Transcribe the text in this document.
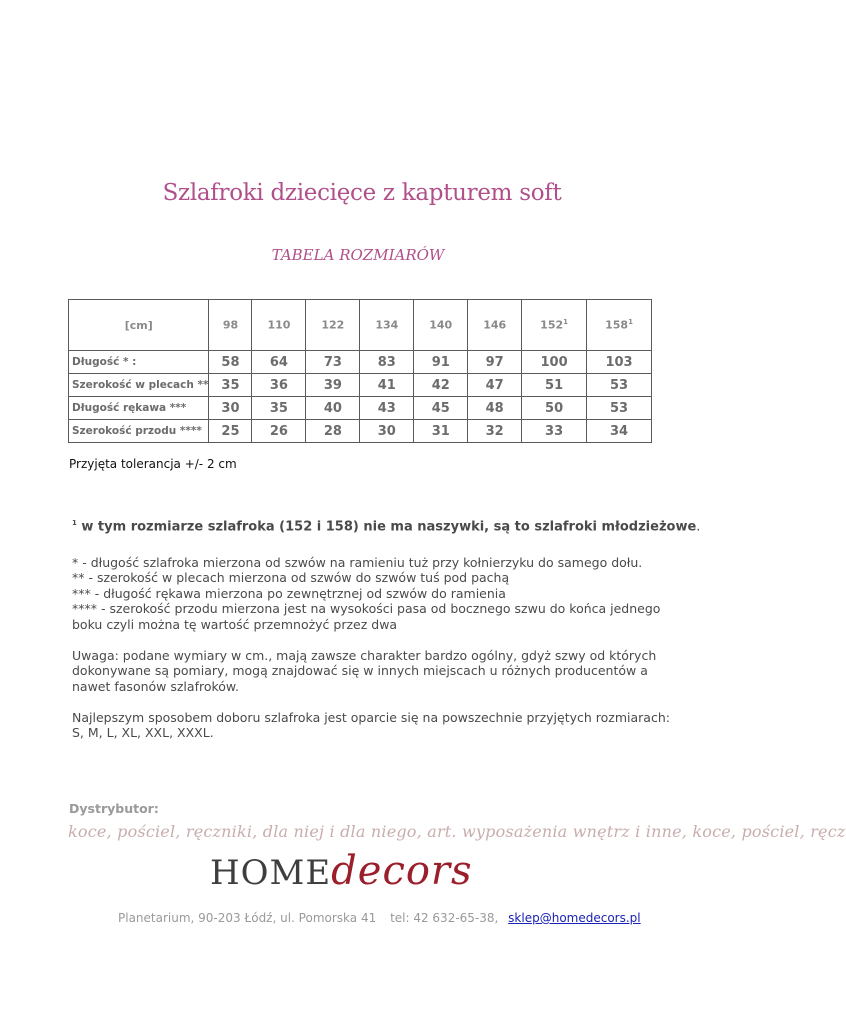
Szlafroki dziecięce z kapturem soft
TABELA ROZMIARÓW
[cm]	98	110	122	134	140	146	$152^1$	$158^1$
Długość * :	58	64	73	83	91	97	100	103
Szerokość w plecach **	35	36	39	41	42	47	51	53
Długość rękawa ***	30	35	40	43	45	48	50	53
Szerokość przodu ****	25	26	28	30	31	32	33	34
Przyjęta tolerancja +/- 2 cm
$^1$ w tym rozmiarze szlafroka (152 i 158) nie ma naszywki, są to szlafroki młodzieżowe.

* - długość szlafroka mierzona od szwów na ramieniu tuż przy kołnierzyku do samego dołu.

** - szerokość w plecach mierzona od szwów do szwów tuś pod pachą

*** - długość rękawa mierzona po zewnętrznej od szwów do ramienia

**** - szerokość przodu mierzona jest na wysokości pasa od bocznego szwu do końca jednego boku czyli można tę wartość przemnożyć przez dwa

Uwaga: podane wymiary w cm., mają zawsze charakter bardzo ogólny, gdyż szwy od których dokonywane są pomiary, mogą znajdować się w innych miejscach u różnych producentów a nawet fasonów szlafroków.
Najlepszym sposobem doboru szlafroka jest oparcie się na powszechnie przyjętych rozmiarach: S, M, L, XL, XXL, XXXL.
Dystrybutor:
koce, pościel, ręczniki, dla niej i dla niego, art. wyposażenia wnętrz i inne, koce, pościel, ręcz
HOMEdecors
Planetarium, 90-203 Łódź, ul. Pomorska 41 tel: 42 632-65-38, sklep@homedecors.pl
